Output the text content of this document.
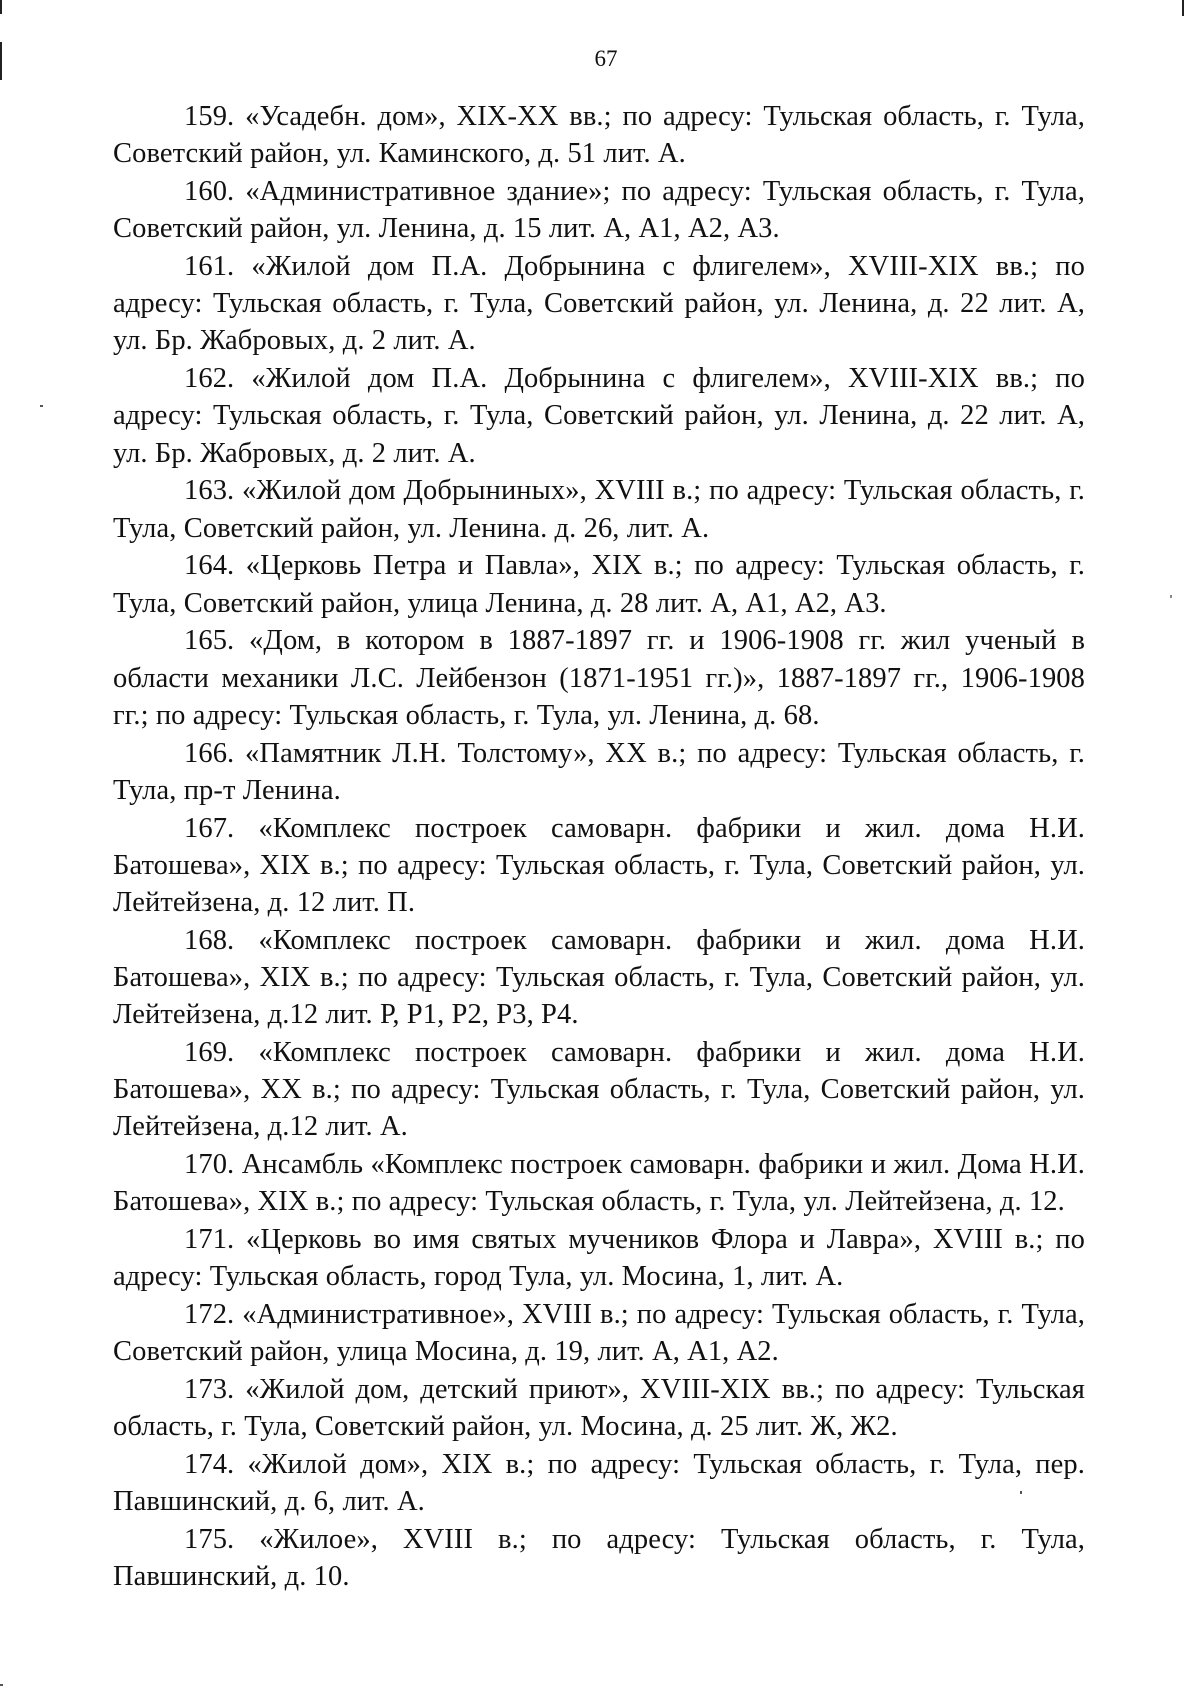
67

159. «Усадебн. дом», XIX-XX вв.; по адресу: Тульская область, г. Тула, Советский район, ул. Каминского, д. 51 лит. А.

160. «Административное здание»; по адресу: Тульская область, г. Тула, Советский район, ул. Ленина, д. 15 лит. А, А1, А2, А3.

161. «Жилой дом П.А. Добрынина с флигелем», XVIII-XIX вв.; по адресу: Тульская область, г. Тула, Советский район, ул. Ленина, д. 22 лит. А, ул. Бр. Жабровых, д. 2 лит. А.

162. «Жилой дом П.А. Добрынина с флигелем», XVIII-XIX вв.; по адресу: Тульская область, г. Тула, Советский район, ул. Ленина, д. 22 лит. А, ул. Бр. Жабровых, д. 2 лит. А.

163. «Жилой дом Добрыниных», XVIII в.; по адресу: Тульская область, г. Тула, Советский район, ул. Ленина. д. 26, лит. А.

164. «Церковь Петра и Павла», XIX в.; по адресу: Тульская область, г. Тула, Советский район, улица Ленина, д. 28 лит. А, А1, А2, А3.

165. «Дом, в котором в 1887-1897 гг. и 1906-1908 гг. жил ученый в области механики Л.С. Лейбензон (1871-1951 гг.)», 1887-1897 гг., 1906-1908 гг.; по адресу: Тульская область, г. Тула, ул. Ленина, д. 68.

166. «Памятник Л.Н. Толстому», XX в.; по адресу: Тульская область, г. Тула, пр-т Ленина.

167. «Комплекс построек самоварн. фабрики и жил. дома Н.И. Батошева», XIX в.; по адресу: Тульская область, г. Тула, Советский район, ул. Лейтейзена, д. 12 лит. П.

168. «Комплекс построек самоварн. фабрики и жил. дома Н.И. Батошева», XIX в.; по адресу: Тульская область, г. Тула, Советский район, ул. Лейтейзена, д.12 лит. Р, Р1, Р2, Р3, Р4.

169. «Комплекс построек самоварн. фабрики и жил. дома Н.И. Батошева», XX в.; по адресу: Тульская область, г. Тула, Советский район, ул. Лейтейзена, д.12 лит. А.

170. Ансамбль «Комплекс построек самоварн. фабрики и жил. Дома Н.И. Батошева», XIX в.; по адресу: Тульская область, г. Тула, ул. Лейтейзена, д. 12.

171. «Церковь во имя святых мучеников Флора и Лавра», XVIII в.; по адресу: Тульская область, город Тула, ул. Мосина, 1, лит. А.

172. «Административное», XVIII в.; по адресу: Тульская область, г. Тула, Советский район, улица Мосина, д. 19, лит. А, А1, А2.

173. «Жилой дом, детский приют», XVIII-XIX вв.; по адресу: Тульская область, г. Тула, Советский район, ул. Мосина, д. 25 лит. Ж, Ж2.

174. «Жилой дом», XIX в.; по адресу: Тульская область, г. Тула, пер. Павшинский, д. 6, лит. А.

175. «Жилое», XVIII в.; по адресу: Тульская область, г. Тула, Павшинский, д. 10.
